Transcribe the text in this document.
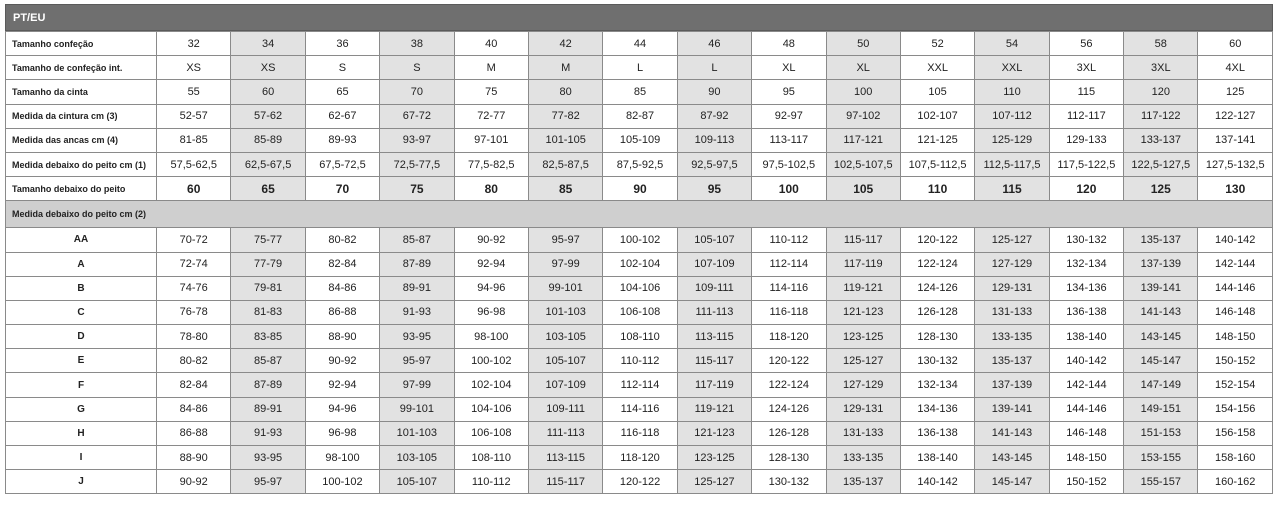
PT/EU
Tamanho confeção	32	34	36	38	40	42	44	46	48	50	52	54	56	58	60
Tamanho de confeção int.	XS	XS	S	S	M	M	L	L	XL	XL	XXL	XXL	3XL	3XL	4XL
Tamanho da cinta	55	60	65	70	75	80	85	90	95	100	105	110	115	120	125
Medida da cintura cm (3)	52-57	57-62	62-67	67-72	72-77	77-82	82-87	87-92	92-97	97-102	102-107	107-112	112-117	117-122	122-127
Medida das ancas cm (4)	81-85	85-89	89-93	93-97	97-101	101-105	105-109	109-113	113-117	117-121	121-125	125-129	129-133	133-137	137-141
Medida debaixo do peito cm (1)	57,5-62,5	62,5-67,5	67,5-72,5	72,5-77,5	77,5-82,5	82,5-87,5	87,5-92,5	92,5-97,5	97,5-102,5	102,5-107,5	107,5-112,5	112,5-117,5	117,5-122,5	122,5-127,5	127,5-132,5
Tamanho debaixo do peito	60	65	70	75	80	85	90	95	100	105	110	115	120	125	130
Medida debaixo do peito cm (2)															
AA	70-72	75-77	80-82	85-87	90-92	95-97	100-102	105-107	110-112	115-117	120-122	125-127	130-132	135-137	140-142
A	72-74	77-79	82-84	87-89	92-94	97-99	102-104	107-109	112-114	117-119	122-124	127-129	132-134	137-139	142-144
B	74-76	79-81	84-86	89-91	94-96	99-101	104-106	109-111	114-116	119-121	124-126	129-131	134-136	139-141	144-146
C	76-78	81-83	86-88	91-93	96-98	101-103	106-108	111-113	116-118	121-123	126-128	131-133	136-138	141-143	146-148
D	78-80	83-85	88-90	93-95	98-100	103-105	108-110	113-115	118-120	123-125	128-130	133-135	138-140	143-145	148-150
E	80-82	85-87	90-92	95-97	100-102	105-107	110-112	115-117	120-122	125-127	130-132	135-137	140-142	145-147	150-152
F	82-84	87-89	92-94	97-99	102-104	107-109	112-114	117-119	122-124	127-129	132-134	137-139	142-144	147-149	152-154
G	84-86	89-91	94-96	99-101	104-106	109-111	114-116	119-121	124-126	129-131	134-136	139-141	144-146	149-151	154-156
H	86-88	91-93	96-98	101-103	106-108	111-113	116-118	121-123	126-128	131-133	136-138	141-143	146-148	151-153	156-158
I	88-90	93-95	98-100	103-105	108-110	113-115	118-120	123-125	128-130	133-135	138-140	143-145	148-150	153-155	158-160
J	90-92	95-97	100-102	105-107	110-112	115-117	120-122	125-127	130-132	135-137	140-142	145-147	150-152	155-157	160-162
